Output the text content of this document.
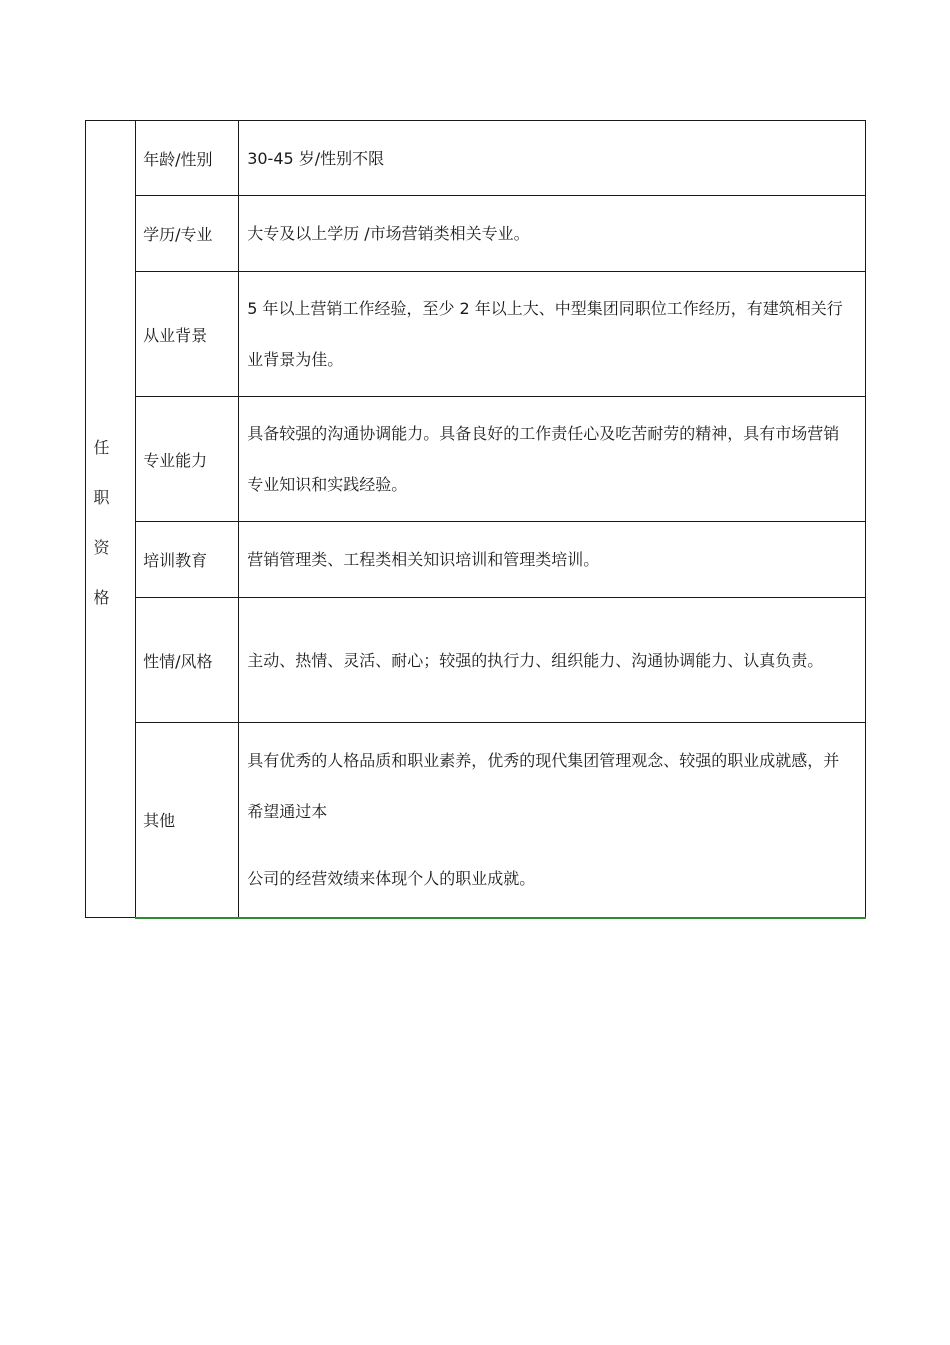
任职资格	年龄/性别	30-45 岁/性别不限

	学历/专业	大专及以上学历 /市场营销类相关专业。

	从业背景	5 年以上营销工作经验，至少 2 年以上大、中型集团同职位工作经历，有建筑相关行业背景为佳。

	专业能力	具备较强的沟通协调能力。具备良好的工作责任心及吃苦耐劳的精神，具有市场营销专业知识和实践经验。

	培训教育	营销管理类、工程类相关知识培训和管理类培训。

	性情/风格	主动、热情、灵活、耐心；较强的执行力、组织能力、沟通协调能力、认真负责。

	其他	具有优秀的人格品质和职业素养，优秀的现代集团管理观念、较强的职业成就感，并希望通过本

公司的经营效绩来体现个人的职业成就。
